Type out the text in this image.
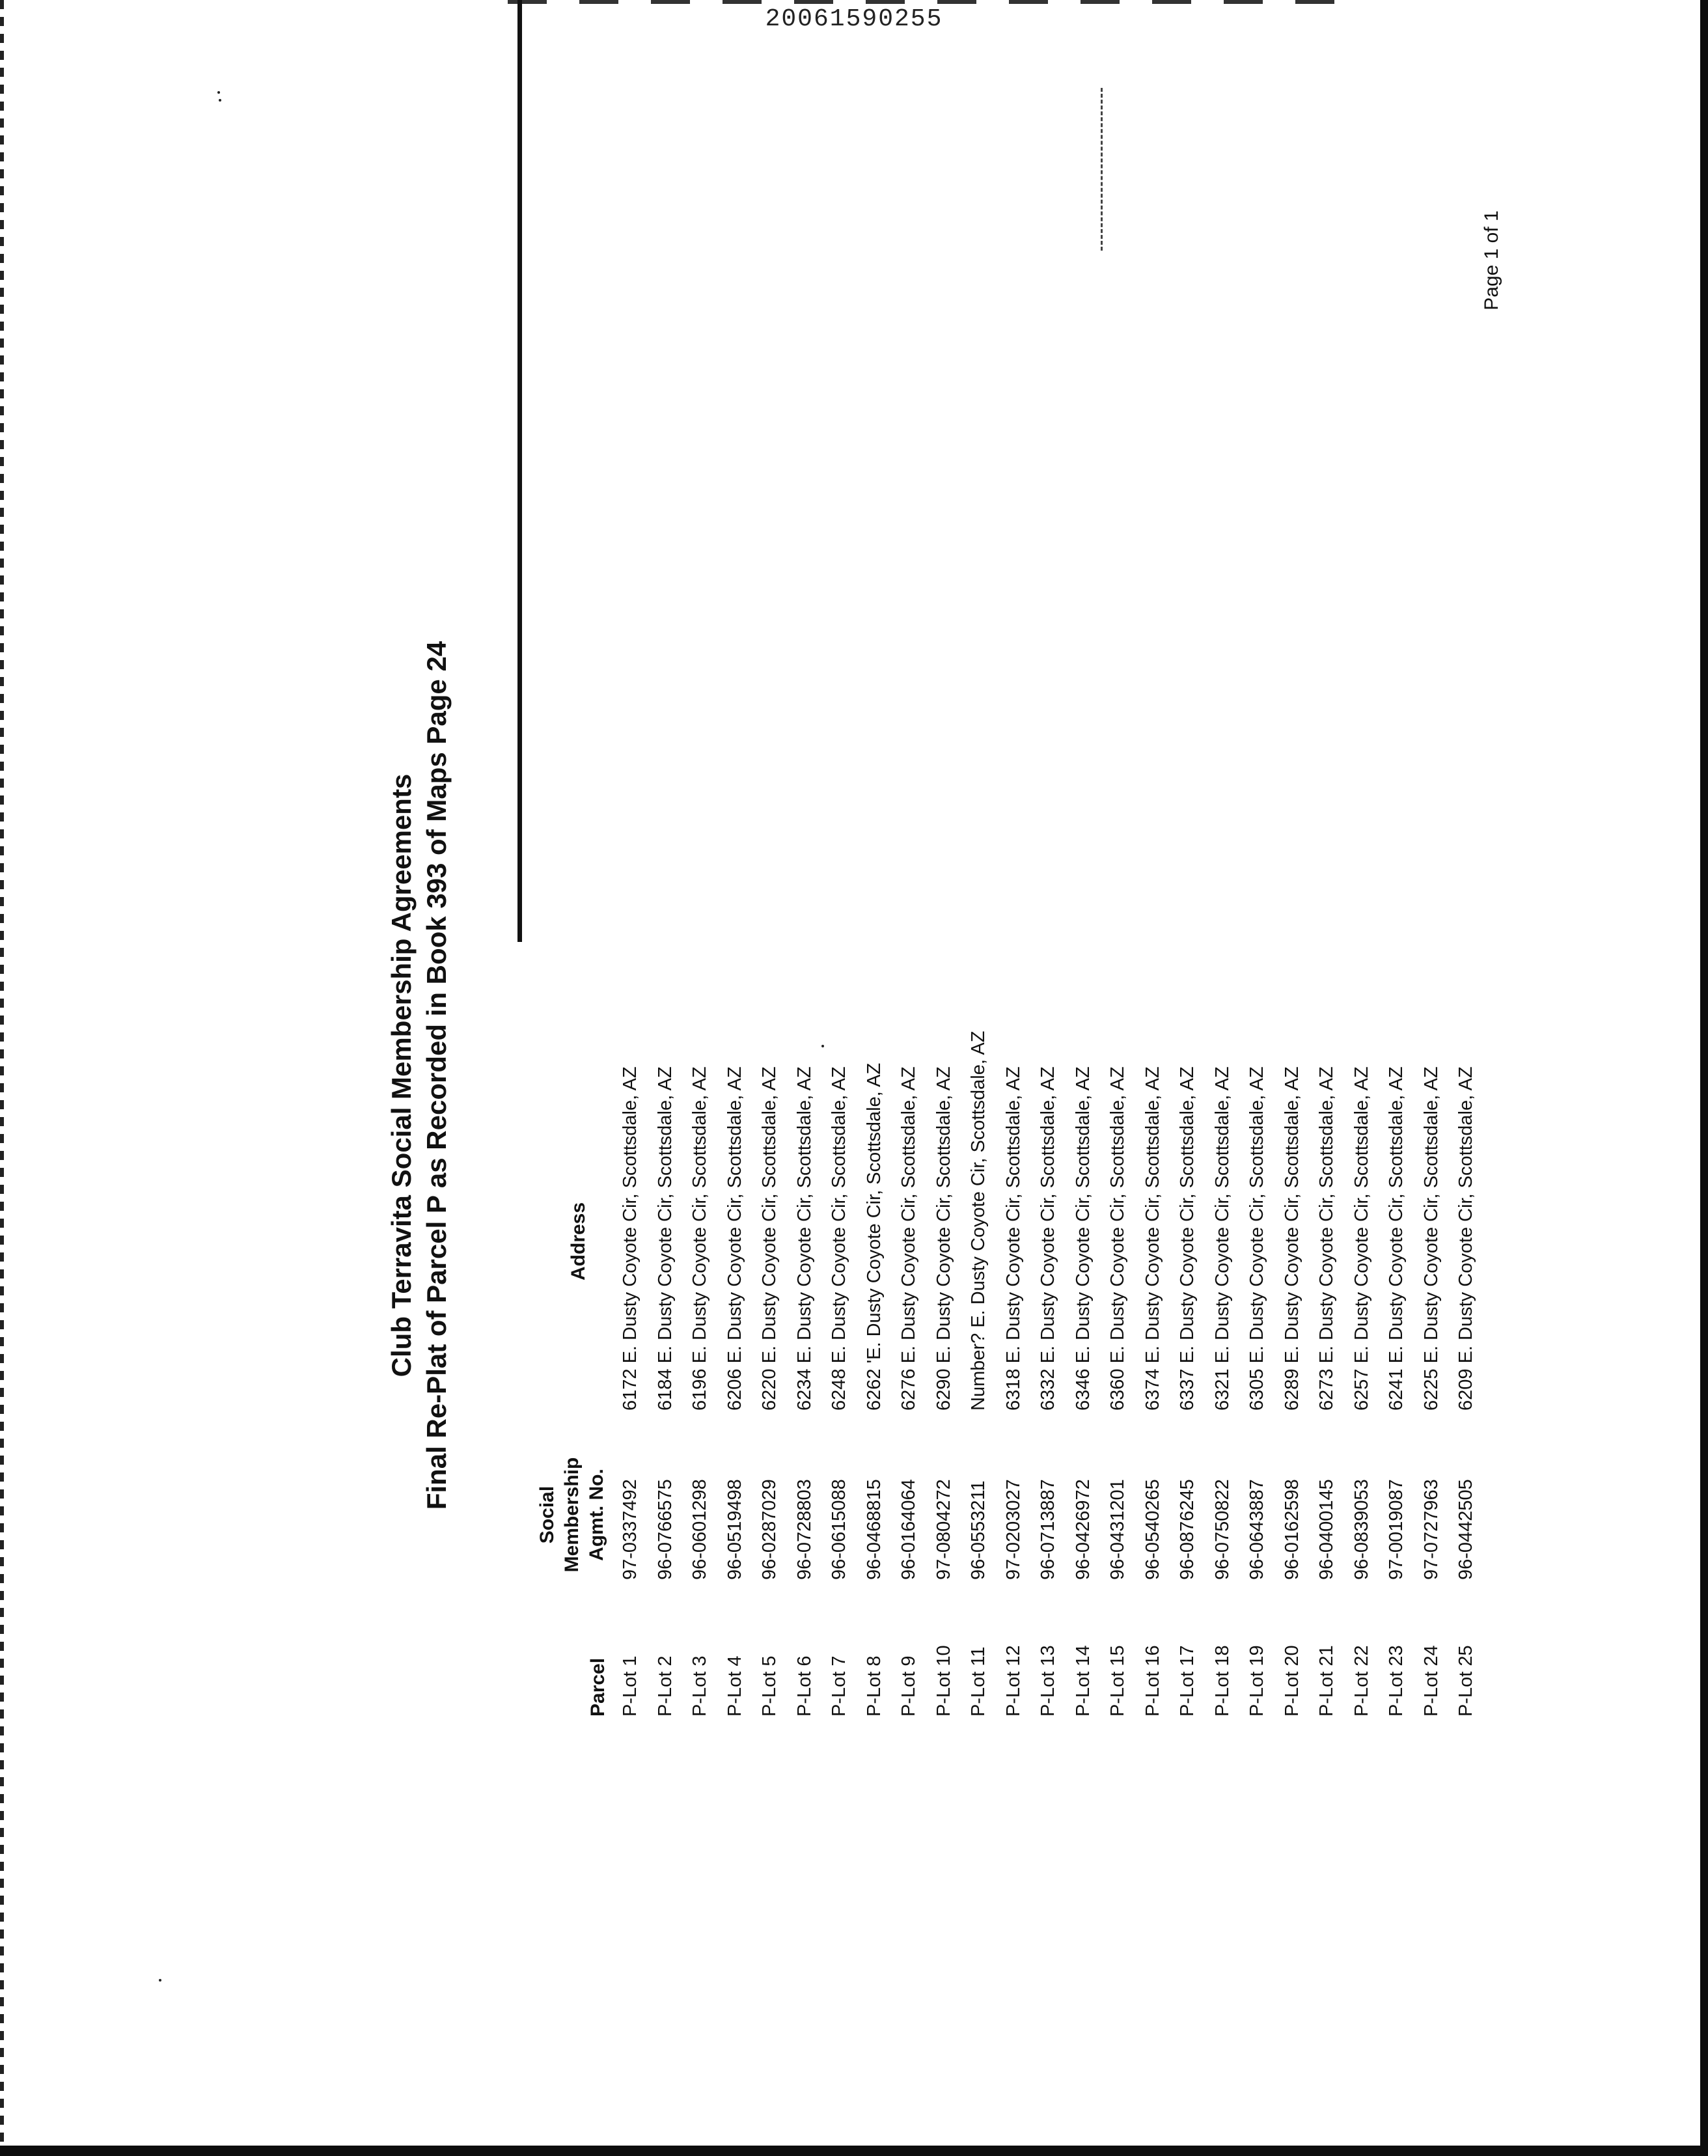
20061590255
Page 1 of 1
Club Terravita Social Membership Agreements Final Re-Plat of Parcel P as Recorded in Book 393 of Maps Page 24
Parcel
Social Membership Agmt. No.
Address
P-Lot 1
97-0337492
6172 E. Dusty Coyote Cir, Scottsdale, AZ
P-Lot 2
96-0766575
6184 E. Dusty Coyote Cir, Scottsdale, AZ
P-Lot 3
96-0601298
6196 E. Dusty Coyote Cir, Scottsdale, AZ
P-Lot 4
96-0519498
6206 E. Dusty Coyote Cir, Scottsdale, AZ
P-Lot 5
96-0287029
6220 E. Dusty Coyote Cir, Scottsdale, AZ
P-Lot 6
96-0728803
6234 E. Dusty Coyote Cir, Scottsdale, AZ
P-Lot 7
96-0615088
6248 E. Dusty Coyote Cir, Scottsdale, AZ
P-Lot 8
96-0468815
6262 'E. Dusty Coyote Cir, Scottsdale, AZ
P-Lot 9
96-0164064
6276 E. Dusty Coyote Cir, Scottsdale, AZ
P-Lot 10
97-0804272
6290 E. Dusty Coyote Cir, Scottsdale, AZ
P-Lot 11
96-0553211
Number? E. Dusty Coyote Cir, Scottsdale, AZ
P-Lot 12
97-0203027
6318 E. Dusty Coyote Cir, Scottsdale, AZ
P-Lot 13
96-0713887
6332 E. Dusty Coyote Cir, Scottsdale, AZ
P-Lot 14
96-0426972
6346 E. Dusty Coyote Cir, Scottsdale, AZ
P-Lot 15
96-0431201
6360 E. Dusty Coyote Cir, Scottsdale, AZ
P-Lot 16
96-0540265
6374 E. Dusty Coyote Cir, Scottsdale, AZ
P-Lot 17
96-0876245
6337 E. Dusty Coyote Cir, Scottsdale, AZ
P-Lot 18
96-0750822
6321 E. Dusty Coyote Cir, Scottsdale, AZ
P-Lot 19
96-0643887
6305 E. Dusty Coyote Cir, Scottsdale, AZ
P-Lot 20
96-0162598
6289 E. Dusty Coyote Cir, Scottsdale, AZ
P-Lot 21
96-0400145
6273 E. Dusty Coyote Cir, Scottsdale, AZ
P-Lot 22
96-0839053
6257 E. Dusty Coyote Cir, Scottsdale, AZ
P-Lot 23
97-0019087
6241 E. Dusty Coyote Cir, Scottsdale, AZ
P-Lot 24
97-0727963
6225 E. Dusty Coyote Cir, Scottsdale, AZ
P-Lot 25
96-0442505
6209 E. Dusty Coyote Cir, Scottsdale, AZ
